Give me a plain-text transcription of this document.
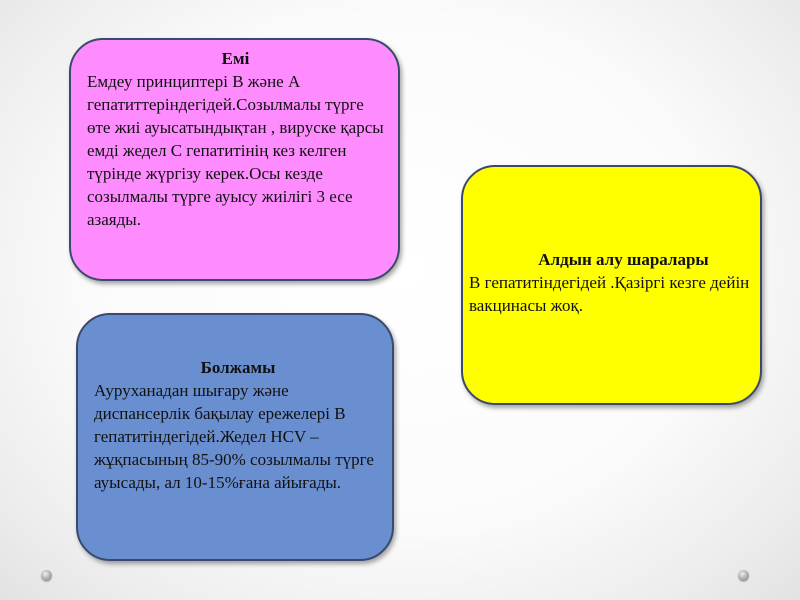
Емі

Емдеу принциптері В және А гепатиттеріндегідей.Созылмалы түрге өте жиі ауысатындықтан , вируске қарсы емді жедел С гепатитінің кез келген түрінде жүргізу керек.Осы кезде созылмалы түрге ауысу жиілігі 3 есе азаяды.

Болжамы

Ауруханадан шығару және диспансерлік бақылау ережелері В гепатитіндегідей.Жедел HCV –жұқпасының 85-90% созылмалы түрге ауысады, ал 10-15%ғана айығады.

Алдын алу шаралары

В гепатитіндегідей .Қазіргі кезге дейін вакцинасы жоқ.
